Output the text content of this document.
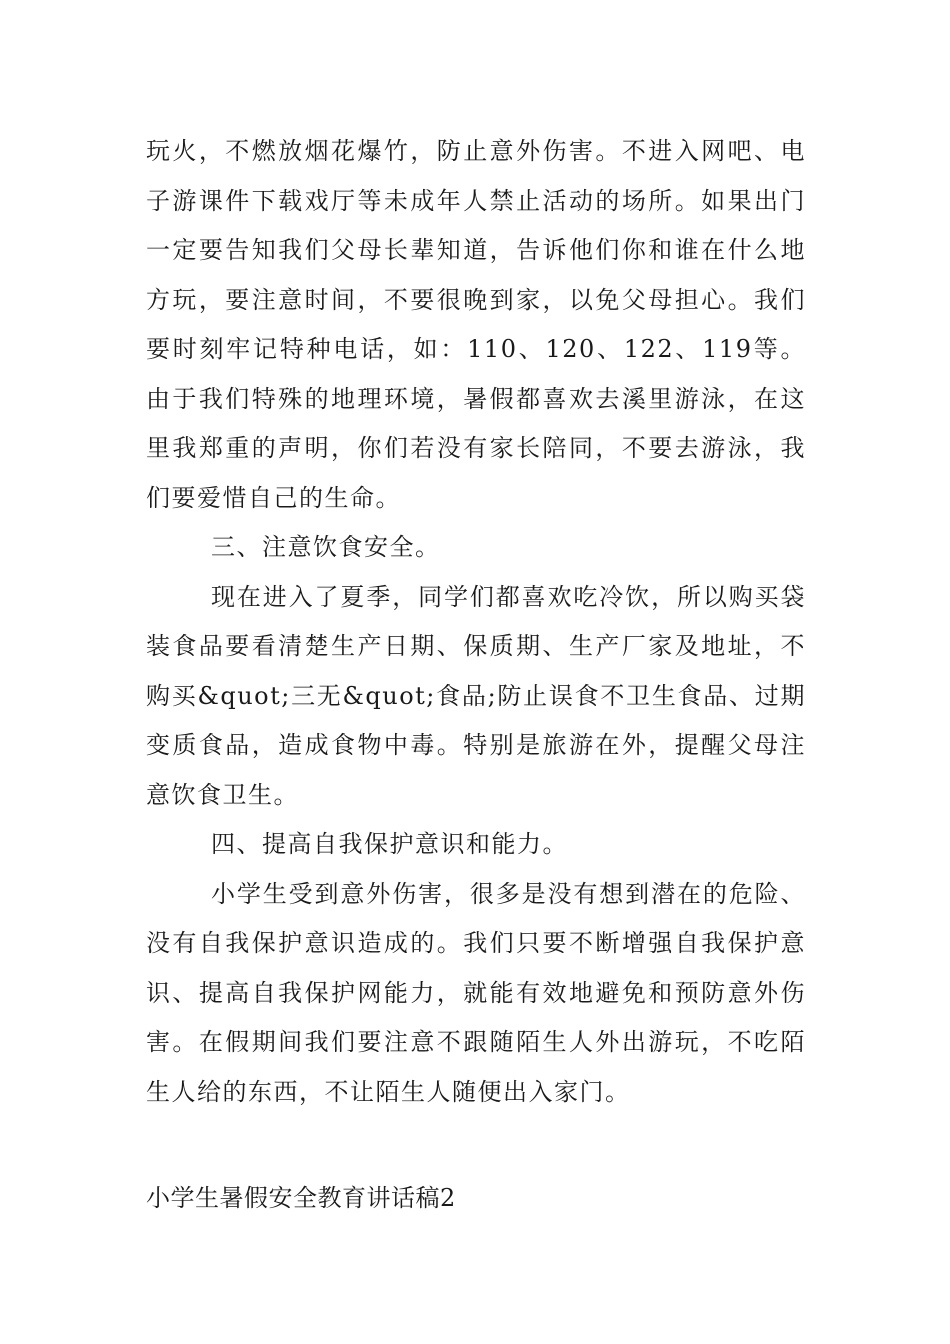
玩火，不燃放烟花爆竹，防止意外伤害。不进入网吧、电子游课件下载戏厅等未成年人禁止活动的场所。如果出门一定要告知我们父母长辈知道，告诉他们你和谁在什么地方玩，要注意时间，不要很晚到家，以免父母担心。我们要时刻牢记特种电话，如：110、120、122、119等。由于我们特殊的地理环境，暑假都喜欢去溪里游泳，在这里我郑重的声明，你们若没有家长陪同，不要去游泳，我们要爱惜自己的生命。

三、注意饮食安全。

现在进入了夏季，同学们都喜欢吃冷饮，所以购买袋装食品要看清楚生产日期、保质期、生产厂家及地址，不购买&quot;三无&quot;食品;防止误食不卫生食品、过期变质食品，造成食物中毒。特别是旅游在外，提醒父母注意饮食卫生。

四、提高自我保护意识和能力。

小学生受到意外伤害，很多是没有想到潜在的危险、没有自我保护意识造成的。我们只要不断增强自我保护意识、提高自我保护网能力，就能有效地避免和预防意外伤害。在假期间我们要注意不跟随陌生人外出游玩，不吃陌生人给的东西，不让陌生人随便出入家门。

小学生暑假安全教育讲话稿2
